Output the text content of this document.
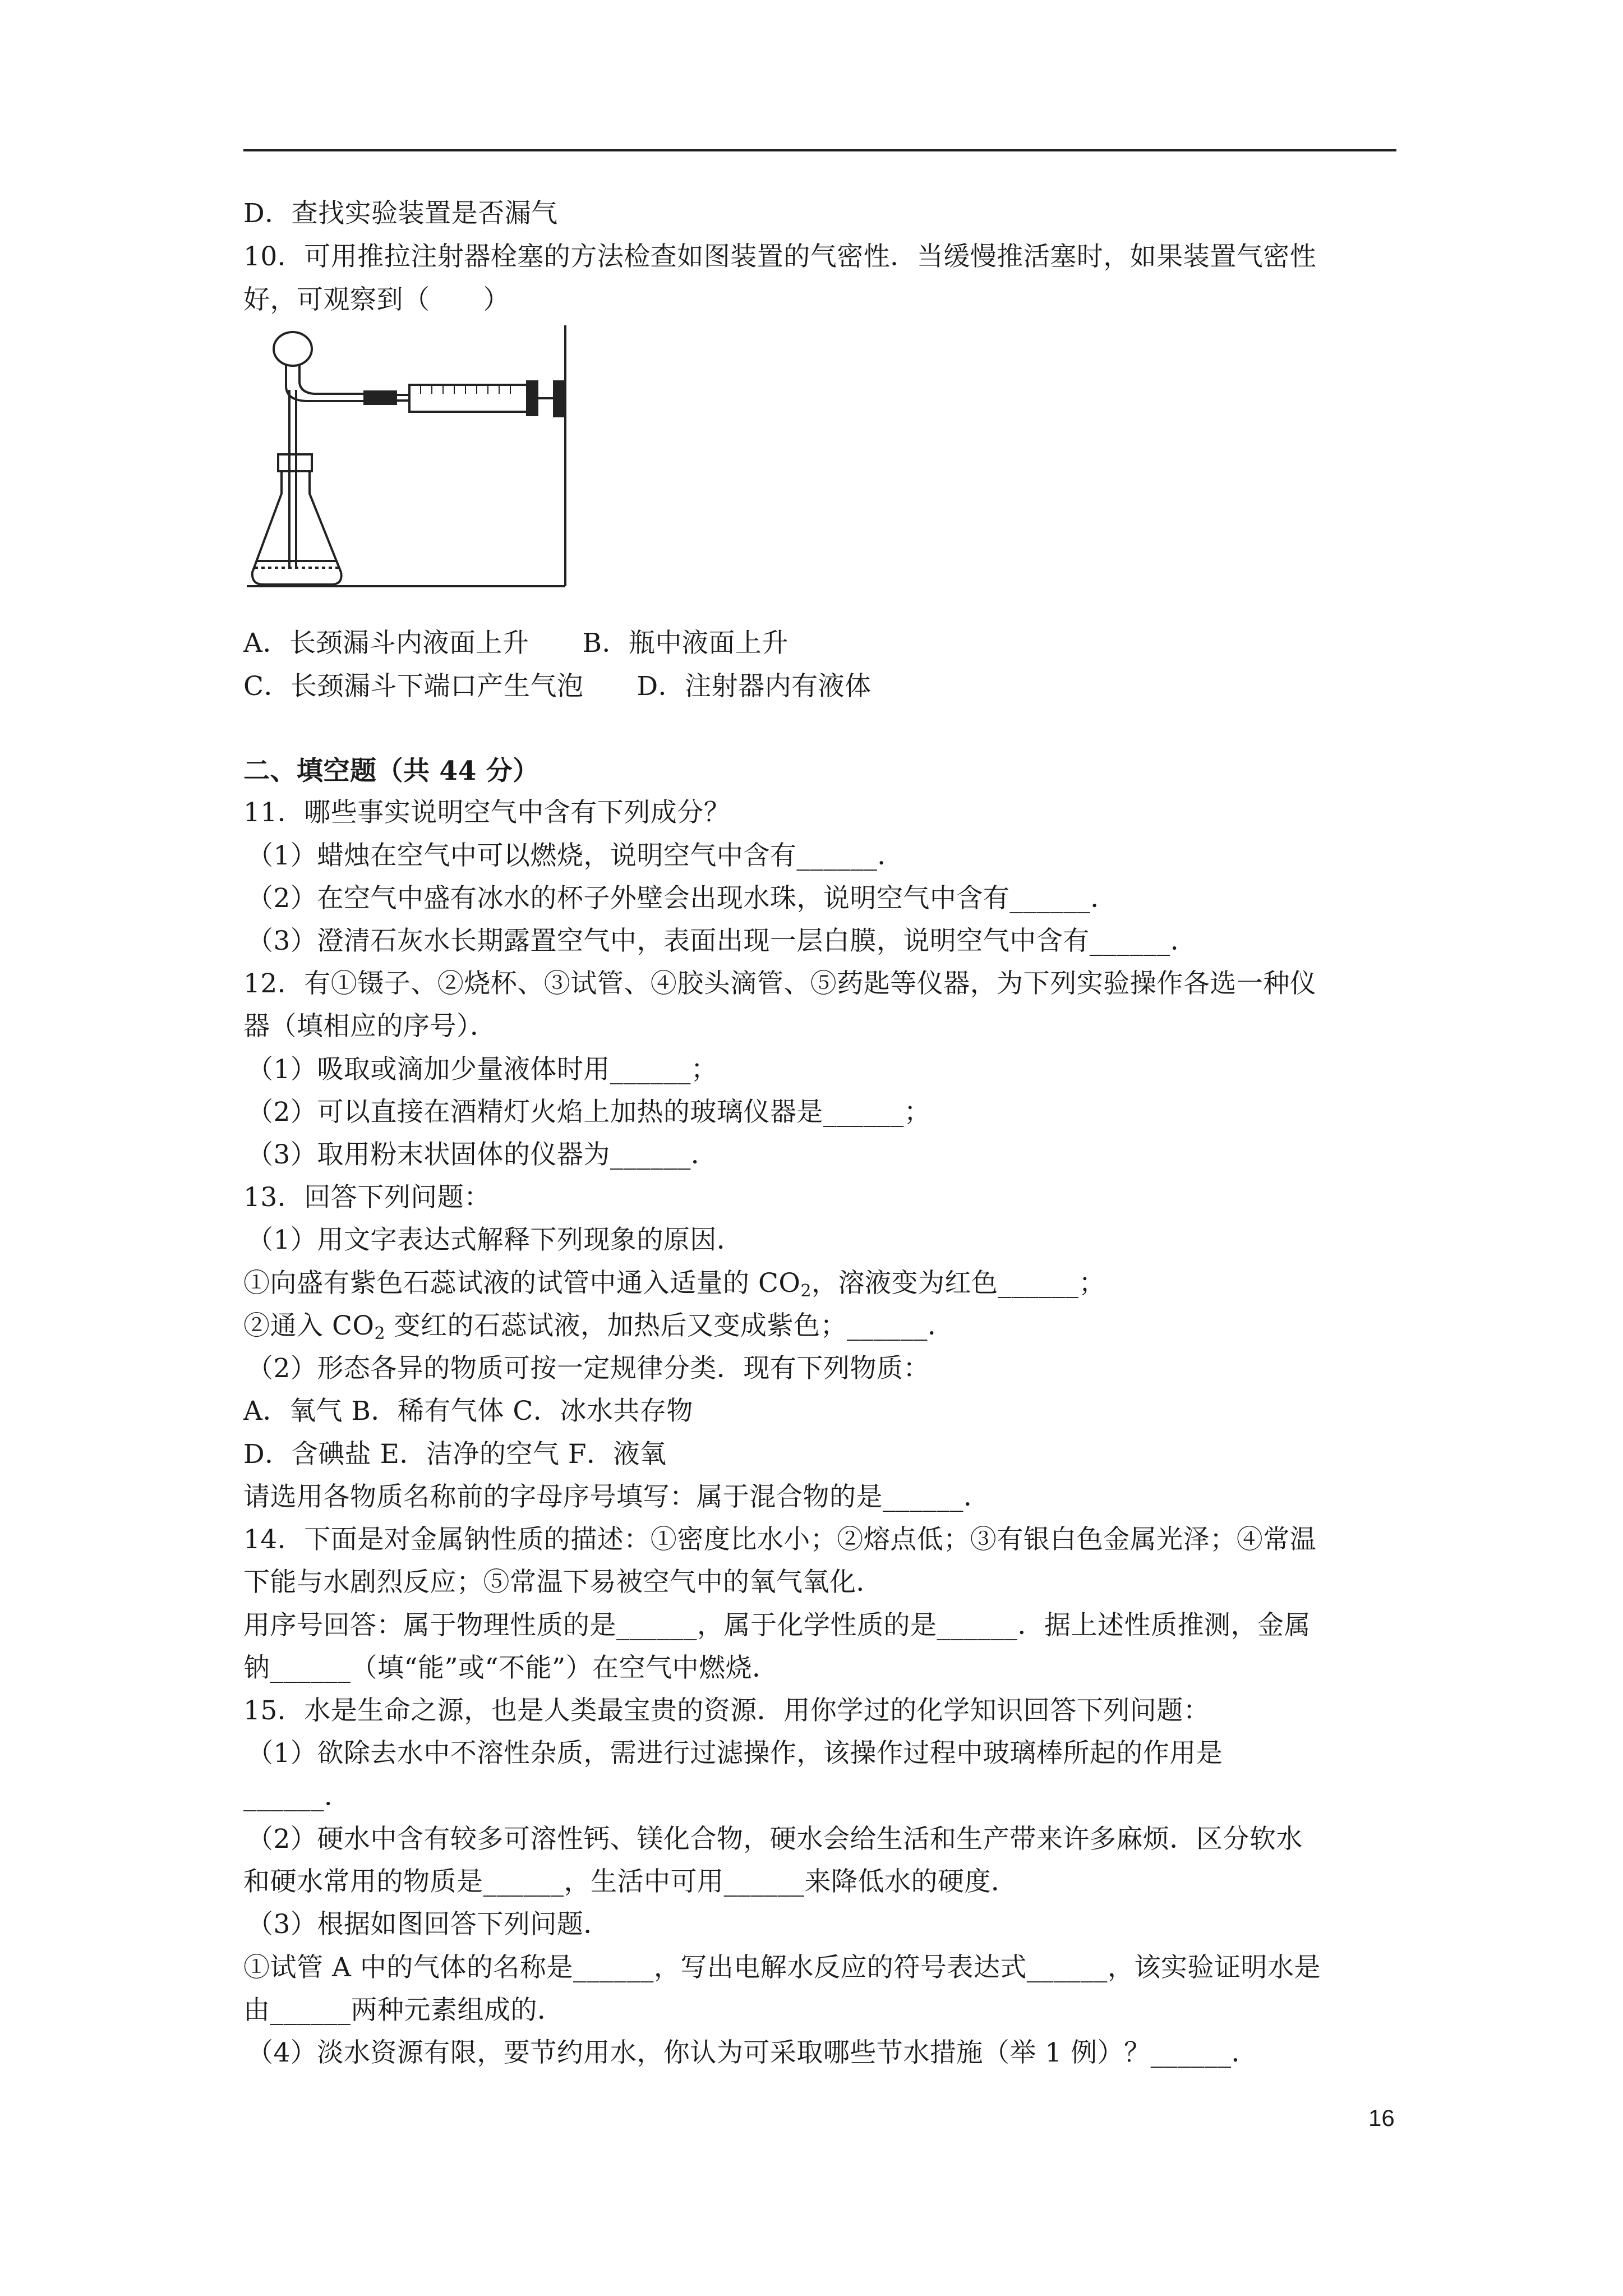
D．查找实验装置是否漏气
10．可用推拉注射器栓塞的方法检查如图装置的气密性．当缓慢推活塞时，如果装置气密性
好，可观察到（　　）
A．长颈漏斗内液面上升　　B．瓶中液面上升
C．长颈漏斗下端口产生气泡　　D．注射器内有液体
二、填空题（共 44 分）
11．哪些事实说明空气中含有下列成分？
（1）蜡烛在空气中可以燃烧，说明空气中含有______．
（2）在空气中盛有冰水的杯子外壁会出现水珠，说明空气中含有______．
（3）澄清石灰水长期露置空气中，表面出现一层白膜，说明空气中含有______．
12．有①镊子、②烧杯、③试管、④胶头滴管、⑤药匙等仪器，为下列实验操作各选一种仪
器（填相应的序号）．
（1）吸取或滴加少量液体时用______；
（2）可以直接在酒精灯火焰上加热的玻璃仪器是______；
（3）取用粉末状固体的仪器为______．
13．回答下列问题：
（1）用文字表达式解释下列现象的原因．
①向盛有紫色石蕊试液的试管中通入适量的 $CO_2$，溶液变为红色______；
②通入 $CO_2$ 变红的石蕊试液，加热后又变成紫色；______．
（2）形态各异的物质可按一定规律分类．现有下列物质：
A．氧气 B．稀有气体 C．冰水共存物
D．含碘盐 E．洁净的空气 F．液氧
请选用各物质名称前的字母序号填写：属于混合物的是______．
14．下面是对金属钠性质的描述：①密度比水小；②熔点低；③有银白色金属光泽；④常温
下能与水剧烈反应；⑤常温下易被空气中的氧气氧化．
用序号回答：属于物理性质的是______，属于化学性质的是______．据上述性质推测，金属
钠______（填“能”或“不能”）在空气中燃烧．
15．水是生命之源，也是人类最宝贵的资源．用你学过的化学知识回答下列问题：
（1）欲除去水中不溶性杂质，需进行过滤操作，该操作过程中玻璃棒所起的作用是
______．
（2）硬水中含有较多可溶性钙、镁化合物，硬水会给生活和生产带来许多麻烦．区分软水
和硬水常用的物质是______，生活中可用______来降低水的硬度．
（3）根据如图回答下列问题．
①试管 A 中的气体的名称是______，写出电解水反应的符号表达式______，该实验证明水是
由______两种元素组成的．
（4）淡水资源有限，要节约用水，你认为可采取哪些节水措施（举 1 例）？______．
16
